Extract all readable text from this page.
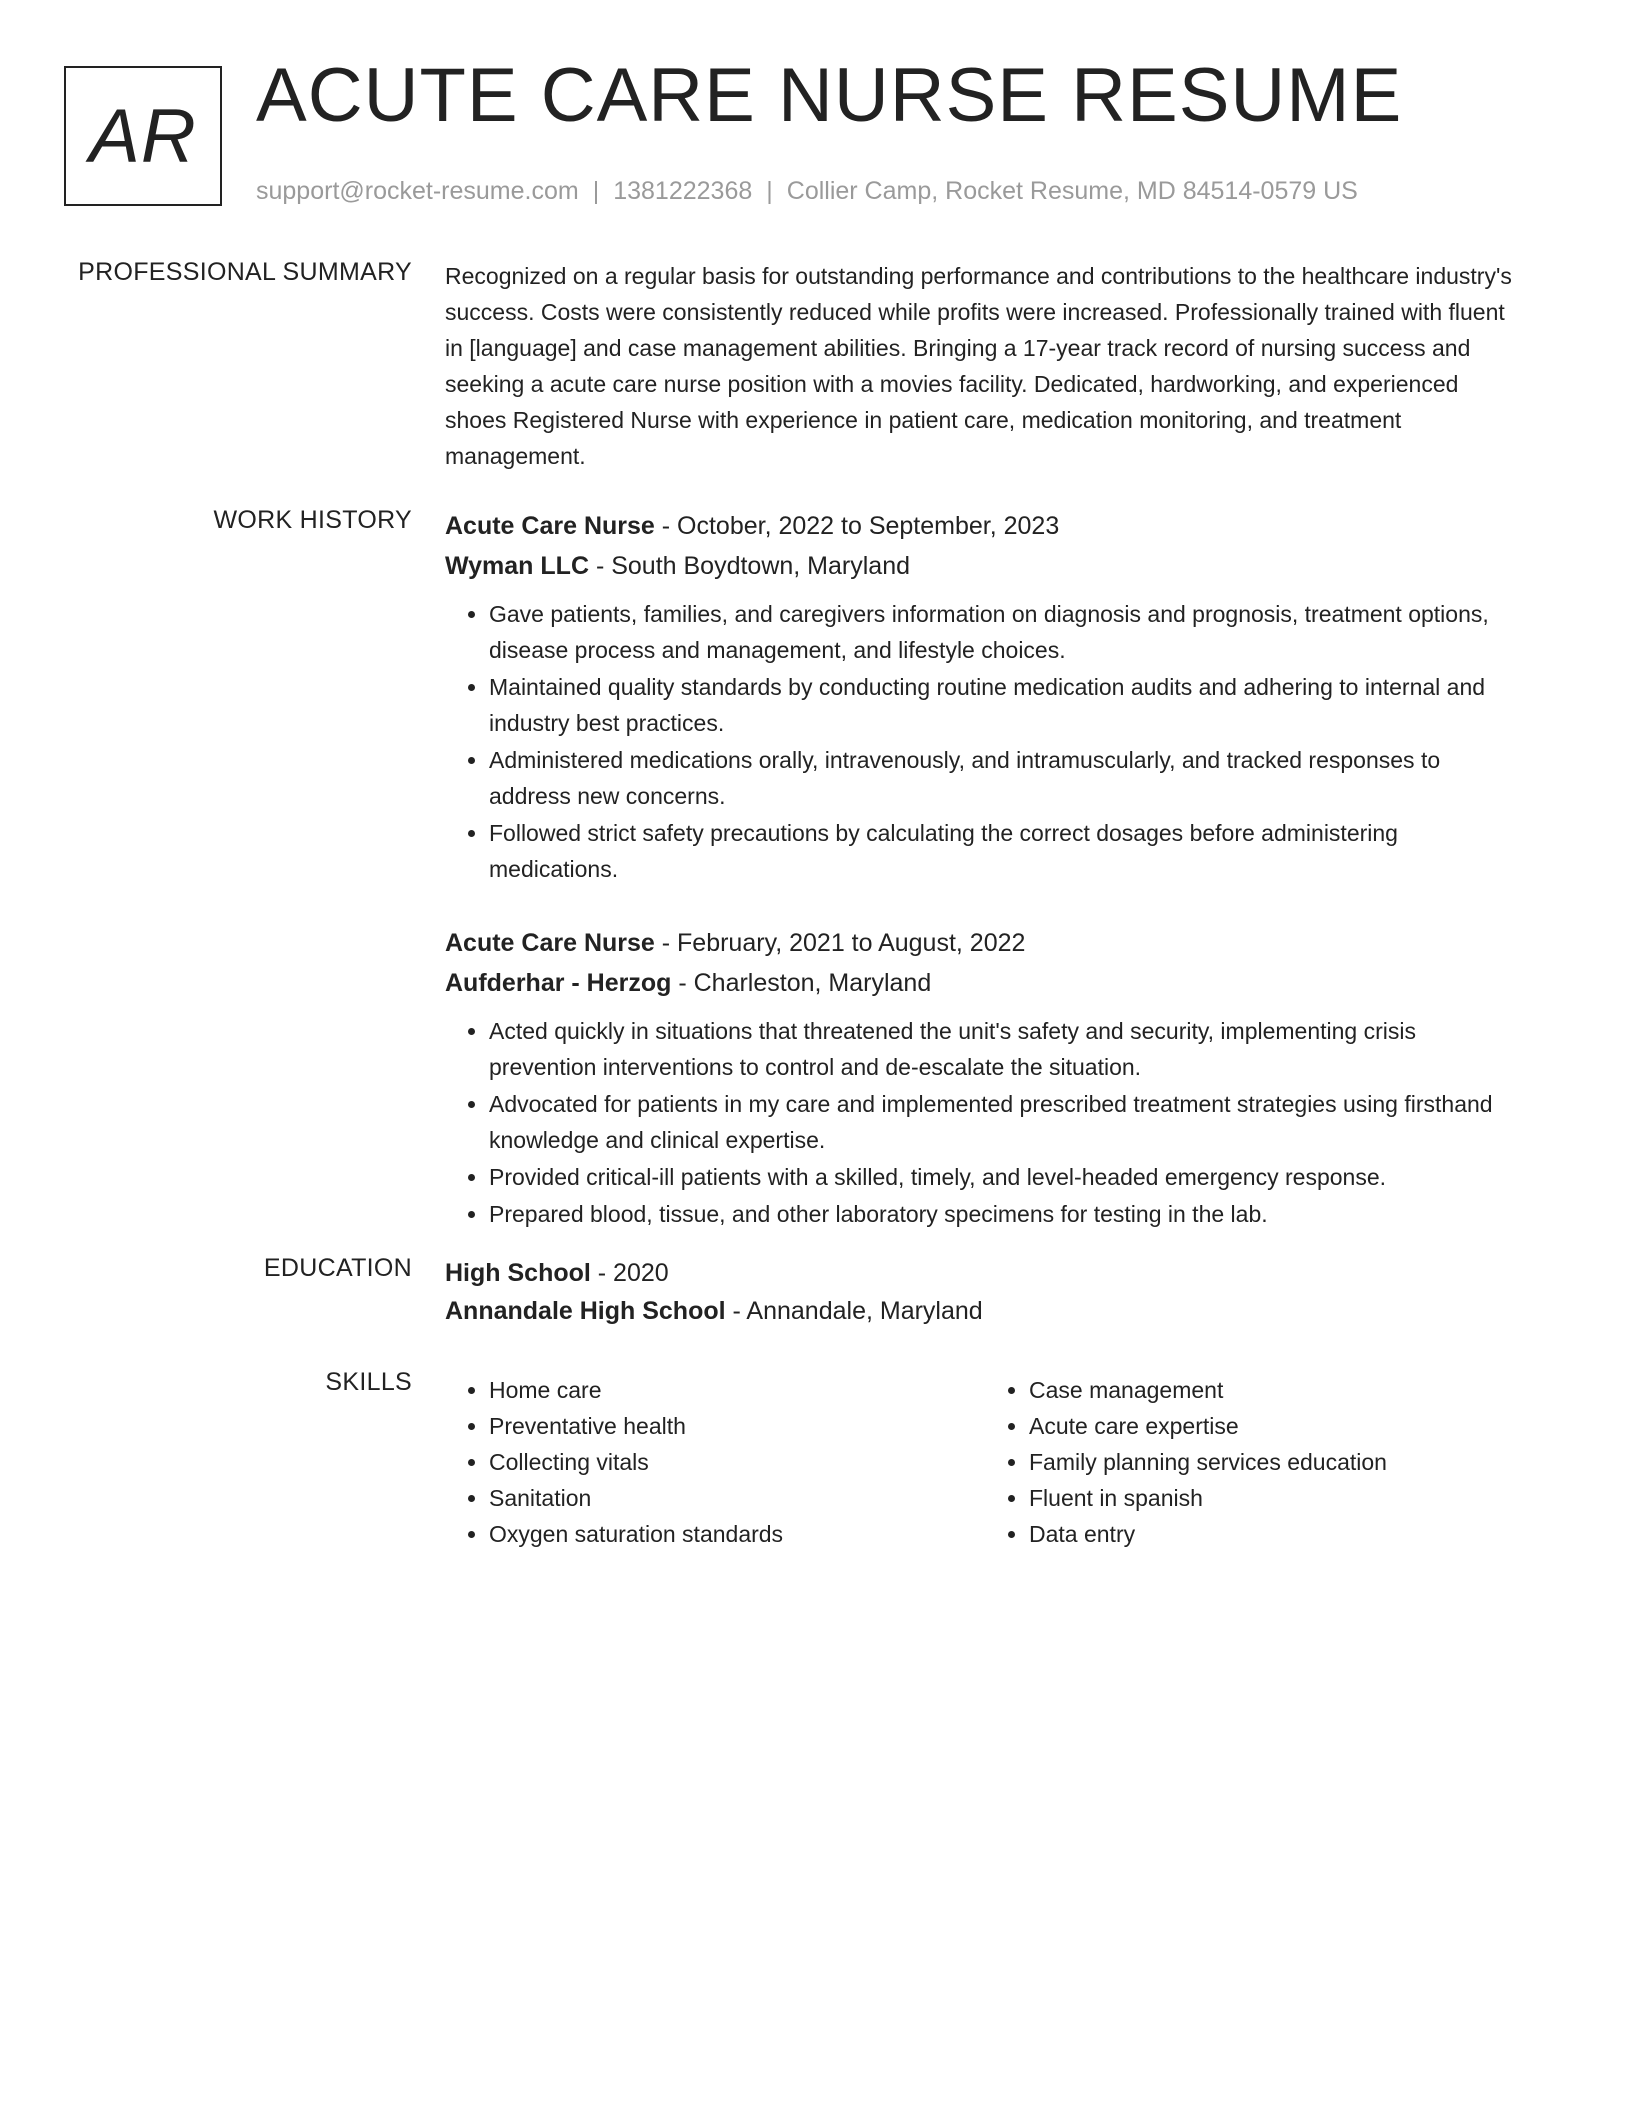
AR ACUTE CARE NURSE RESUME
support@rocket-resume.com | 1381222368 | Collier Camp, Rocket Resume, MD 84514-0579 US
PROFESSIONAL SUMMARY Recognized on a regular basis for outstanding performance and contributions to the healthcare industry's success. Costs were consistently reduced while profits were increased. Professionally trained with fluent in [language] and case management abilities. Bringing a 17-year track record of nursing success and seeking a acute care nurse position with a movies facility. Dedicated, hardworking, and experienced shoes Registered Nurse with experience in patient care, medication monitoring, and treatment management.

WORK HISTORY Acute Care Nurse - October, 2022 to September, 2023
Wyman LLC - South Boydtown, Maryland
• Gave patients, families, and caregivers information on diagnosis and prognosis, treatment options, disease process and management, and lifestyle choices.
• Maintained quality standards by conducting routine medication audits and adhering to internal and industry best practices.
• Administered medications orally, intravenously, and intramuscularly, and tracked responses to address new concerns.
• Followed strict safety precautions by calculating the correct dosages before administering medications.
Acute Care Nurse - February, 2021 to August, 2022
Aufderhar - Herzog - Charleston, Maryland
• Acted quickly in situations that threatened the unit's safety and security, implementing crisis prevention interventions to control and de-escalate the situation.
• Advocated for patients in my care and implemented prescribed treatment strategies using firsthand knowledge and clinical expertise.
• Provided critical-ill patients with a skilled, timely, and level-headed emergency response.
• Prepared blood, tissue, and other laboratory specimens for testing in the lab.
EDUCATION High School - 2020
Annandale High School - Annandale, Maryland
SKILLS
•	Home care
• Preventative health
• Collecting vitals
• Sanitation
• Oxygen saturation standards
• Case management
• Acute care expertise
• Family planning services education
• Fluent in spanish
• Data entry
